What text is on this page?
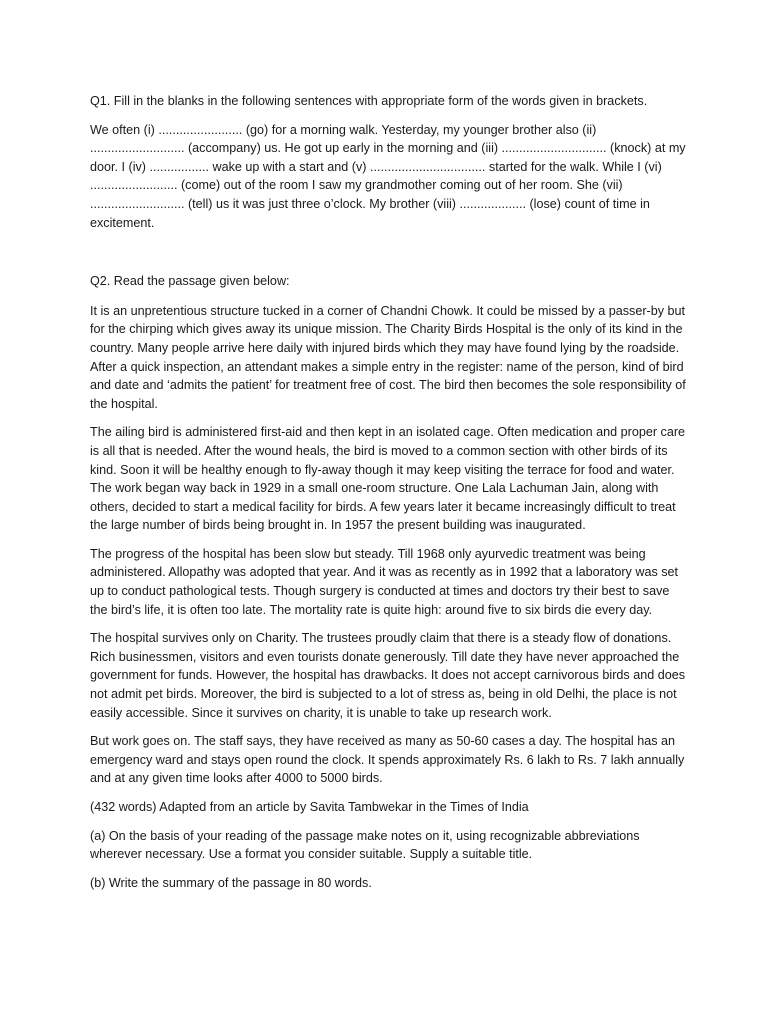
Q1. Fill in the blanks in the following sentences with appropriate form of the words given in brackets.

We often (i) ........................ (go) for a morning walk. Yesterday, my younger brother also (ii) ........................... (accompany) us. He got up early in the morning and (iii) .............................. (knock) at my door. I (iv) ................. wake up with a start and (v) ................................. started for the walk. While I (vi) ......................... (come) out of the room I saw my grandmother coming out of her room. She (vii) ........................... (tell) us it was just three o’clock. My brother (viii) ................... (lose) count of time in excitement.

Q2. Read the passage given below:

It is an unpretentious structure tucked in a corner of Chandni Chowk. It could be missed by a passer-by but for the chirping which gives away its unique mission. The Charity Birds Hospital is the only of its kind in the country. Many people arrive here daily with injured birds which they may have found lying by the roadside. After a quick inspection, an attendant makes a simple entry in the register: name of the person, kind of bird and date and ‘admits the patient’ for treatment free of cost. The bird then becomes the sole responsibility of the hospital.

The ailing bird is administered first-aid and then kept in an isolated cage. Often medication and proper care is all that is needed. After the wound heals, the bird is moved to a common section with other birds of its kind. Soon it will be healthy enough to fly-away though it may keep visiting the terrace for food and water. The work began way back in 1929 in a small one-room structure. One Lala Lachuman Jain, along with others, decided to start a medical facility for birds. A few years later it became increasingly difficult to treat the large number of birds being brought in. In 1957 the present building was inaugurated.

The progress of the hospital has been slow but steady. Till 1968 only ayurvedic treatment was being administered. Allopathy was adopted that year. And it was as recently as in 1992 that a laboratory was set up to conduct pathological tests. Though surgery is conducted at times and doctors try their best to save the bird’s life, it is often too late. The mortality rate is quite high: around five to six birds die every day.

The hospital survives only on Charity. The trustees proudly claim that there is a steady flow of donations. Rich businessmen, visitors and even tourists donate generously. Till date they have never approached the government for funds. However, the hospital has drawbacks. It does not accept carnivorous birds and does not admit pet birds. Moreover, the bird is subjected to a lot of stress as, being in old Delhi, the place is not easily accessible. Since it survives on charity, it is unable to take up research work.

But work goes on. The staff says, they have received as many as 50-60 cases a day. The hospital has an emergency ward and stays open round the clock. It spends approximately Rs. 6 lakh to Rs. 7 lakh annually and at any given time looks after 4000 to 5000 birds.

(432 words) Adapted from an article by Savita Tambwekar in the Times of India

(a) On the basis of your reading of the passage make notes on it, using recognizable abbreviations wherever necessary. Use a format you consider suitable. Supply a suitable title.

(b) Write the summary of the passage in 80 words.
